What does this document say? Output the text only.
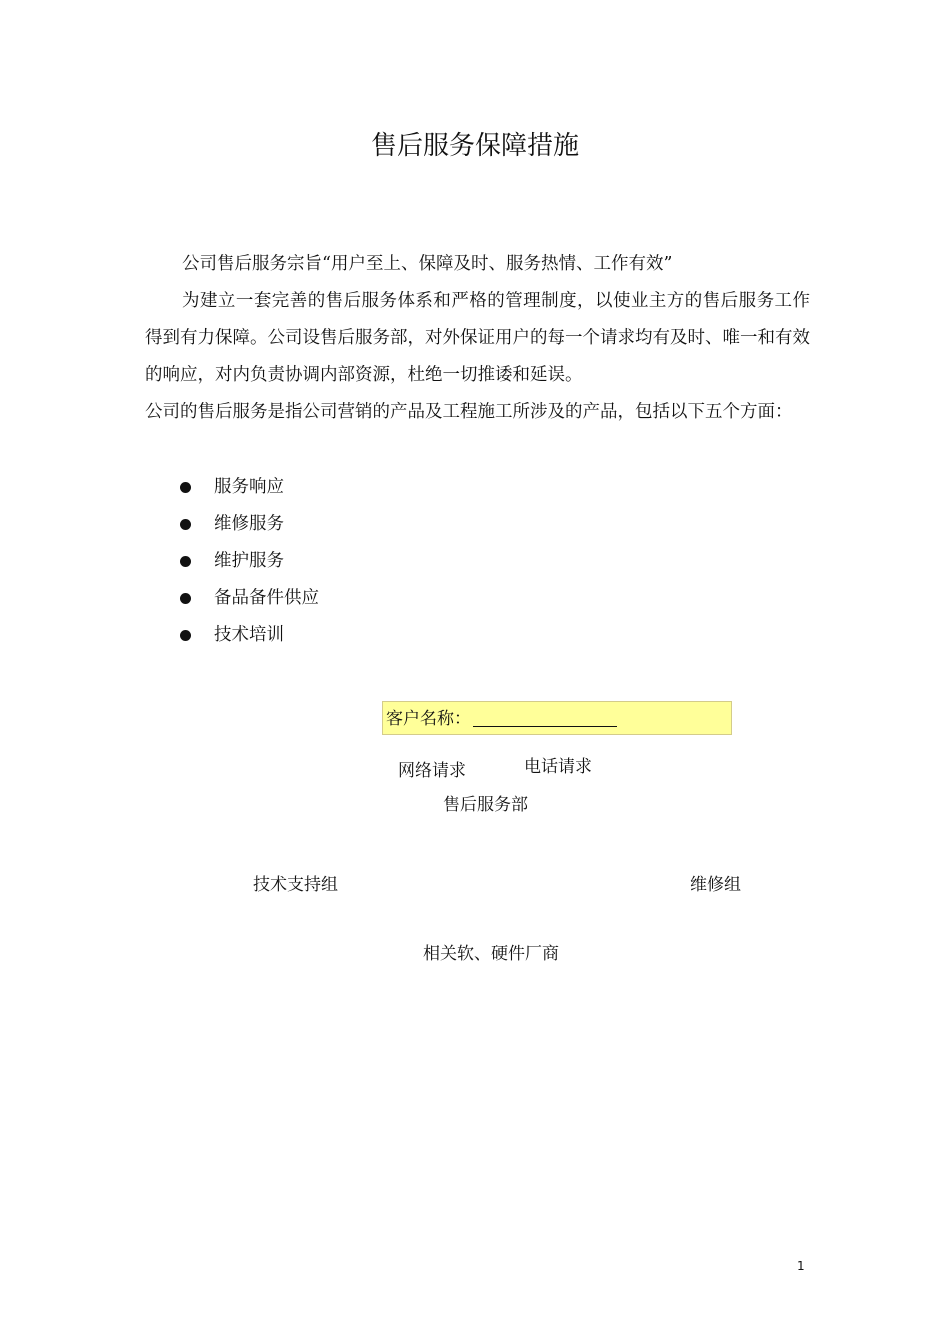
售后服务保障措施
公司售后服务宗旨“用户至上、保障及时、服务热情、工作有效”
为建立一套完善的售后服务体系和严格的管理制度，以使业主方的售后服务工作得到有力保障。公司设售后服务部，对外保证用户的每一个请求均有及时、唯一和有效的响应，对内负责协调内部资源，杜绝一切推诿和延误。
公司的售后服务是指公司营销的产品及工程施工所涉及的产品，包括以下五个方面：
服务响应
维修服务
维护服务
备品备件供应
技术培训
客户名称：
网络请求	电话请求
售后服务部
技术支持组	维修组
相关软、硬件厂商
1
